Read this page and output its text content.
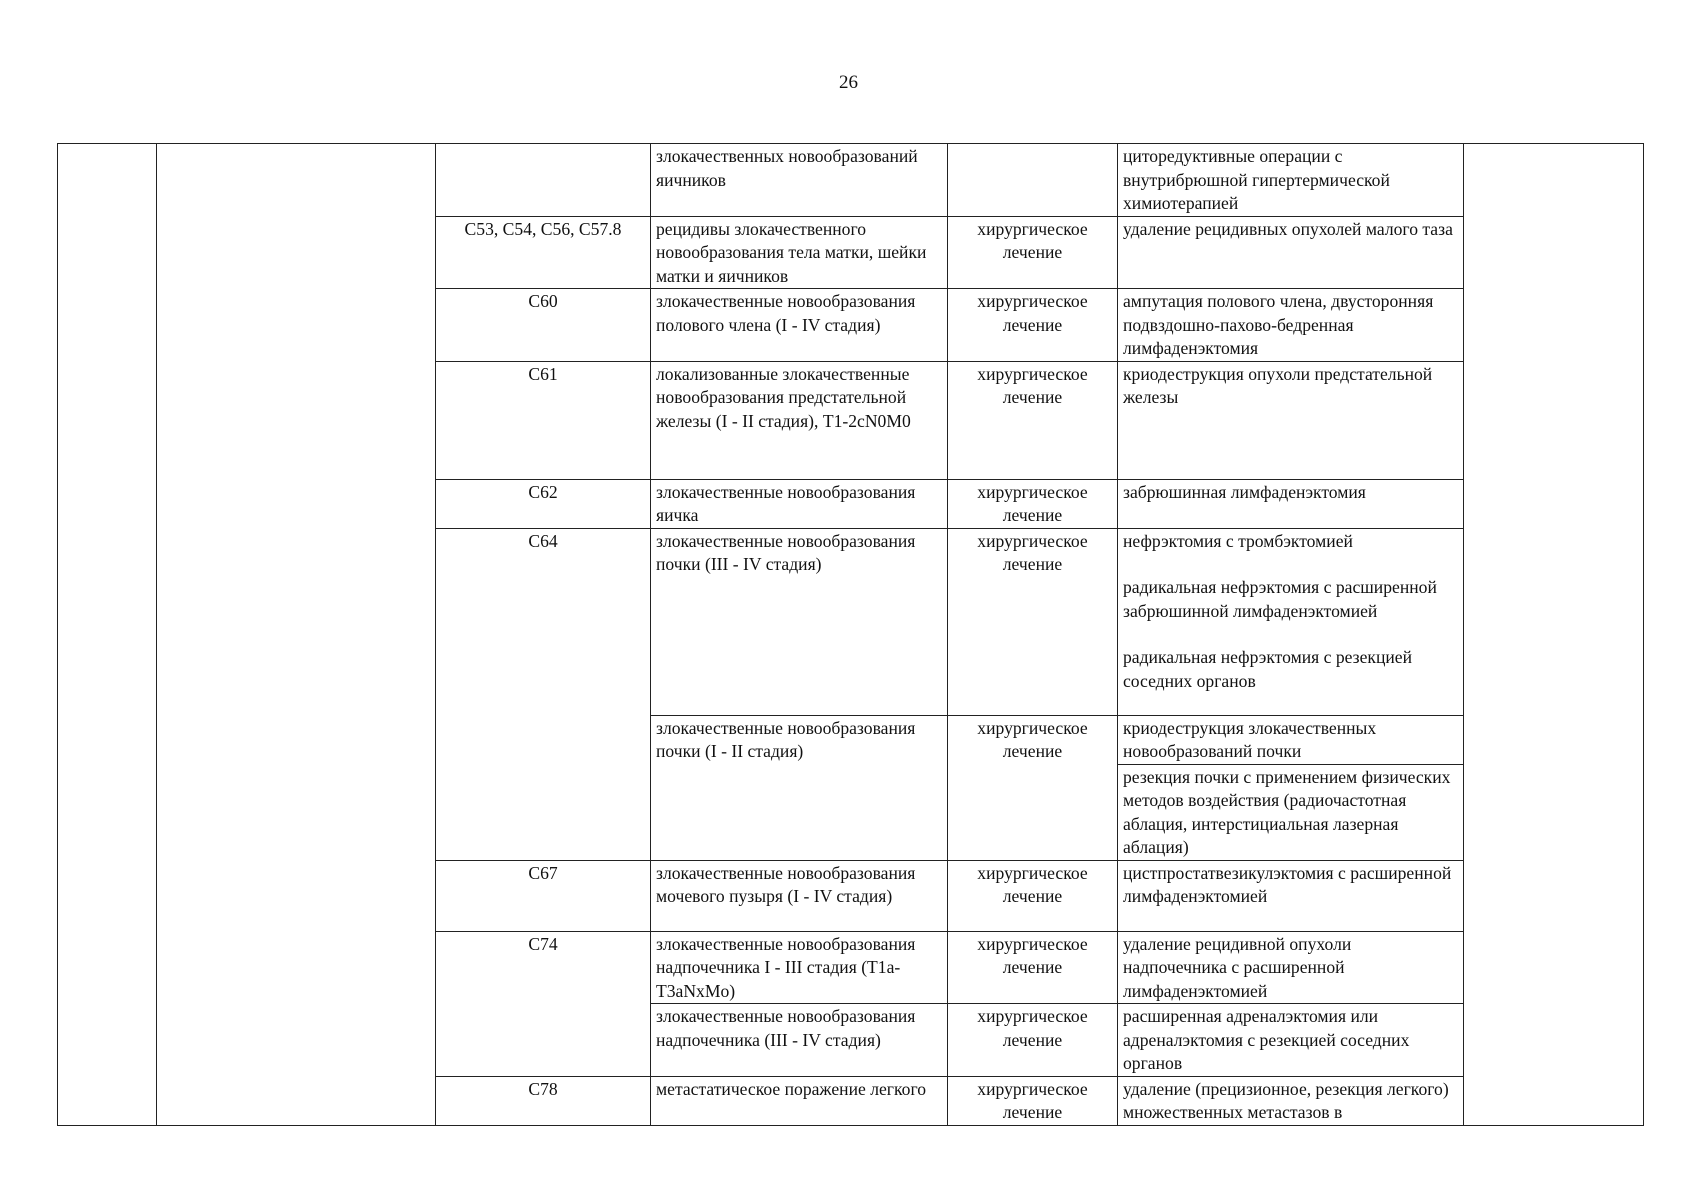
26
			злокачественных новообразований яичников		циторедуктивные операции с внутрибрюшной гипертермической химиотерапией	
		C53, C54, C56, C57.8	рецидивы злокачественного новообразования тела матки, шейки матки и яичников	хирургическое лечение	удаление рецидивных опухолей малого таза	
		C60	злокачественные новообразования полового члена (I - IV стадия)	хирургическое лечение	ампутация полового члена, двусторонняя подвздошно-пахово-бедренная лимфаденэктомия	
		C61	локализованные злокачественные новообразования предстательной железы (I - II стадия), T1-2cN0M0	хирургическое лечение	криодеструкция опухоли предстательной железы	
		C62	злокачественные новообразования яичка	хирургическое лечение	забрюшинная лимфаденэктомия	
		C64	злокачественные новообразования почки (III - IV стадия)	хирургическое лечение	нефрэктомия с тромбэктомией
радикальная нефрэктомия с расширенной забрюшинной лимфаденэктомией
радикальная нефрэктомия с резекцией соседних органов	

			злокачественные новообразования почки (I - II стадия)	хирургическое лечение	криодеструкция злокачественных новообразований почки	
					резекция почки с применением физических методов воздействия (радиочастотная аблация, интерстициальная лазерная аблация)	
		C67	злокачественные новообразования мочевого пузыря (I - IV стадия)	хирургическое лечение	цистпростатвезикулэктомия с расширенной лимфаденэктомией	
		C74	злокачественные новообразования надпочечника I - III стадия (T1a-T3aNxMo)	хирургическое лечение	удаление рецидивной опухоли надпочечника с расширенной лимфаденэктомией	
			злокачественные новообразования надпочечника (III - IV стадия)	хирургическое лечение	расширенная адреналэктомия или адреналэктомия с резекцией соседних органов	
		C78	метастатическое поражение легкого	хирургическое лечение	удаление (прецизионное, резекция легкого) множественных метастазов в	
